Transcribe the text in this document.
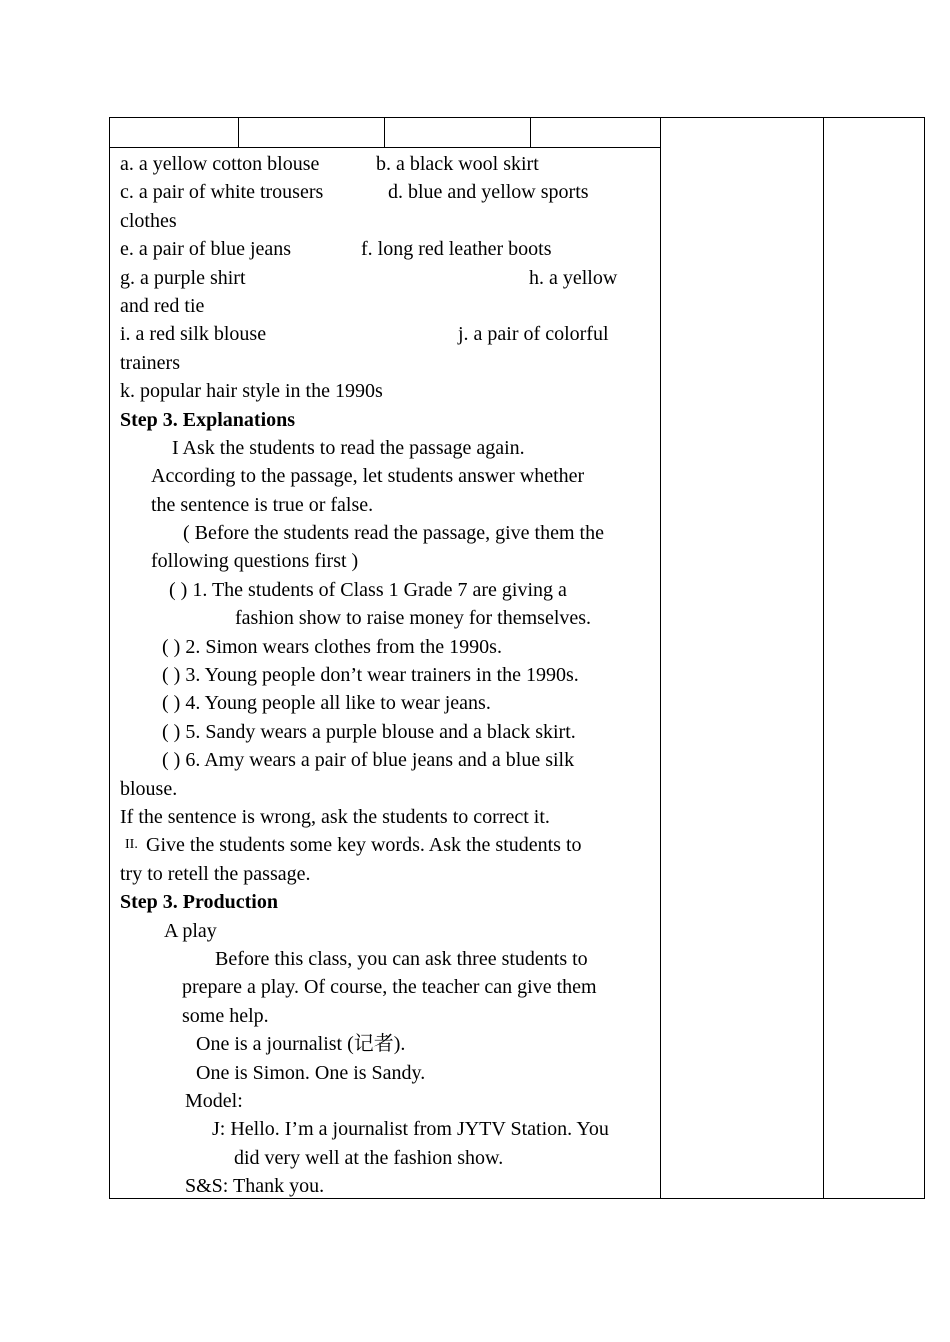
a. a yellow cotton blouse	b. a black wool skirt
c. a pair of white trousers	d. blue and yellow sports
clothes
e. a pair of blue jeans	f. long red leather boots
g. a purple shirt	h. a yellow
and red tie
i. a red silk blouse	j. a pair of colorful
trainers
k. popular hair style in the 1990s
Step 3. Explanations
I Ask the students to read the passage again.
According to the passage, let students answer whether
the sentence is true or false.
( Before the students read the passage, give them the
following questions first )
( ) 1. The students of Class 1 Grade 7 are giving a
fashion show to raise money for themselves.
( ) 2. Simon wears clothes from the 1990s.
( ) 3. Young people don’t wear trainers in the 1990s.
( ) 4. Young people all like to wear jeans.
( ) 5. Sandy wears a purple blouse and a black skirt.
( ) 6. Amy wears a pair of blue jeans and a blue silk
blouse.
If the sentence is wrong, ask the students to correct it.
II. Give the students some key words. Ask the students to
try to retell the passage.
Step 3. Production
A play
Before this class, you can ask three students to
prepare a play. Of course, the teacher can give them
some help.
One is a journalist (记者).
One is Simon. One is Sandy.
Model:
J: Hello. I’m a journalist from JYTV Station. You
did very well at the fashion show.
S&S: Thank you.
